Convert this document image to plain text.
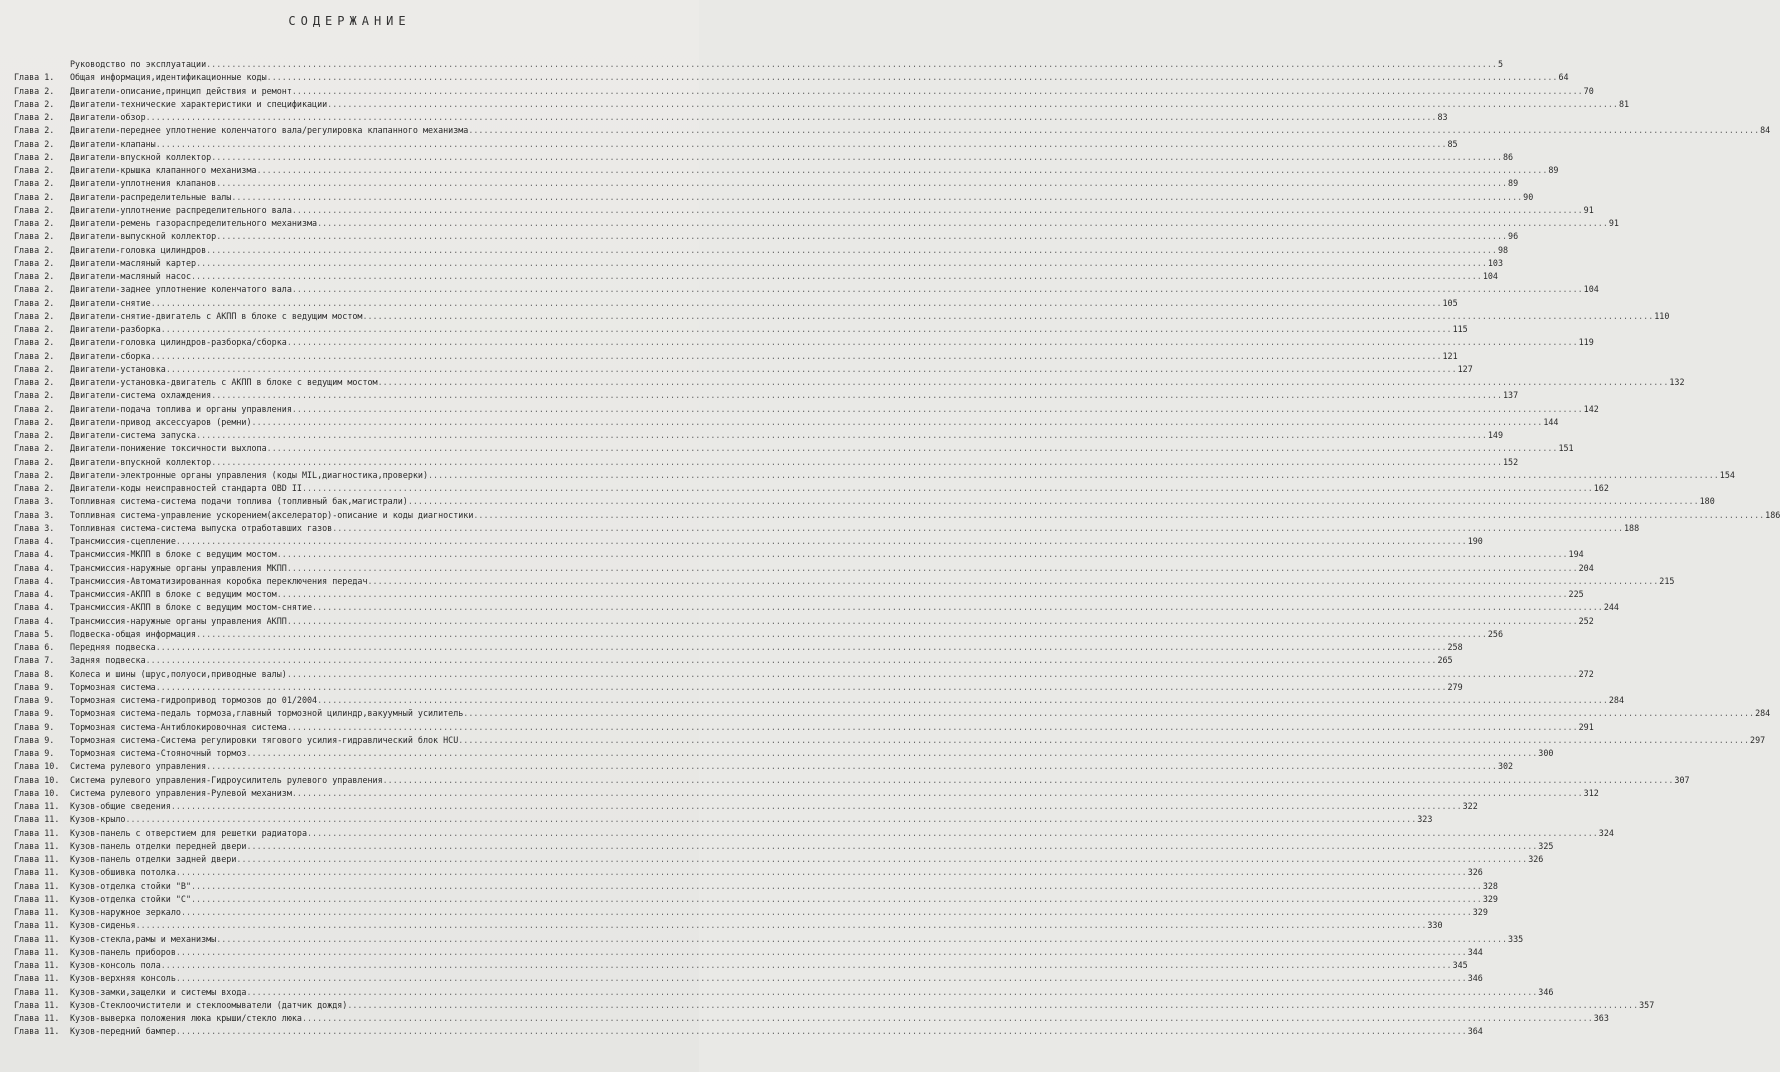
СОДЕРЖАНИЕ
Руководство по эксплуатации .....	5
Глава 1.	Общая информация,идентификационные коды .....	64
Глава 2.	Двигатели-описание,принцип действия и ремонт .....	70
Глава 2.	Двигатели-технические характеристики и спецификации .....	81
Глава 2.	Двигатели-обзор .....	83
Глава 2.	Двигатели-переднее уплотнение коленчатого вала/регулировка клапанного механизма .....	84
Глава 2.	Двигатели-клапаны .....	85
Глава 2.	Двигатели-впускной коллектор .....	86
Глава 2.	Двигатели-крышка клапанного механизма .....	89
Глава 2.	Двигатели-уплотнения клапанов .....	89
Глава 2.	Двигатели-распределительные валы .....	90
Глава 2.	Двигатели-уплотнение распределительного вала .....	91
Глава 2.	Двигатели-ремень газораспределительного механизма .....	91
Глава 2.	Двигатели-выпускной коллектор .....	96
Глава 2.	Двигатели-головка цилиндров .....	98
Глава 2.	Двигатели-масляный картер .....	103
Глава 2.	Двигатели-масляный насос .....	104
Глава 2.	Двигатели-заднее уплотнение коленчатого вала .....	104
Глава 2.	Двигатели-снятие .....	105
Глава 2.	Двигатели-снятие-двигатель с АКПП в блоке с ведущим мостом .....	110
Глава 2.	Двигатели-разборка .....	115
Глава 2.	Двигатели-головка цилиндров-разборка/сборка .....	119
Глава 2.	Двигатели-сборка .....	121
Глава 2.	Двигатели-установка .....	127
Глава 2.	Двигатели-установка-двигатель с АКПП в блоке с ведущим мостом .....	132
Глава 2.	Двигатели-система охлаждения .....	137
Глава 2.	Двигатели-подача топлива и органы управления .....	142
Глава 2.	Двигатели-привод аксессуаров (ремни) .....	144
Глава 2.	Двигатели-система запуска .....	149
Глава 2.	Двигатели-понижение токсичности выхлопа .....	151
Глава 2.	Двигатели-впускной коллектор .....	152
Глава 2.	Двигатели-электронные органы управления (коды MIL,диагностика,проверки) .....	154
Глава 2.	Двигатели-коды неисправностей стандарта OBD II .....	162
Глава 3.	Топливная система-система подачи топлива (топливный бак,магистрали) .....	180
Глава 3.	Топливная система-управление ускорением(акселератор)-описание и коды диагностики .....	186
Глава 3.	Топливная система-система выпуска отработавших газов .....	188
Глава 4.	Трансмиссия-сцепление .....	190
Глава 4.	Трансмиссия-МКПП в блоке с ведущим мостом .....	194
Глава 4.	Трансмиссия-наружные органы управления МКПП .....	204
Глава 4.	Трансмиссия-Автоматизированная коробка переключения передач .....	215
Глава 4.	Трансмиссия-АКПП в блоке с ведущим мостом .....	225
Глава 4.	Трансмиссия-АКПП в блоке с ведущим мостом-снятие .....	244
Глава 4.	Трансмиссия-наружные органы управления АКПП .....	252
Глава 5.	Подвеска-общая информация .....	256
Глава 6.	Передняя подвеска .....	258
Глава 7.	Задняя подвеска .....	265
Глава 8.	Колеса и шины (шрус,полуоси,приводные валы) .....	272
Глава 9.	Тормозная система .....	279
Глава 9.	Тормозная система-гидропривод тормозов до 01/2004 .....	284
Глава 9.	Тормозная система-педаль тормоза,главный тормозной цилиндр,вакуумный усилитель .....	284
Глава 9.	Тормозная система-Антиблокировочная система .....	291
Глава 9.	Тормозная система-Система регулировки тягового усилия-гидравлический блок HCU .....	297
Глава 9.	Тормозная система-Стояночный тормоз .....	300
Глава 10.	Система рулевого управления .....	302
Глава 10.	Система рулевого управления-Гидроусилитель рулевого управления .....	307
Глава 10.	Система рулевого управления-Рулевой механизм .....	312
Глава 11.	Кузов-общие сведения .....	322
Глава 11.	Кузов-крыло .....	323
Глава 11.	Кузов-панель с отверстием для решетки радиатора .....	324
Глава 11.	Кузов-панель отделки передней двери .....	325
Глава 11.	Кузов-панель отделки задней двери .....	326
Глава 11.	Кузов-обшивка потолка .....	326
Глава 11.	Кузов-отделка стойки "B" .....	328
Глава 11.	Кузов-отделка стойки "C" .....	329
Глава 11.	Кузов-наружное зеркало .....	329
Глава 11.	Кузов-сиденья .....	330
Глава 11.	Кузов-стекла,рамы и механизмы .....	335
Глава 11.	Кузов-панель приборов .....	344
Глава 11.	Кузов-консоль пола .....	345
Глава 11.	Кузов-верхняя консоль .....	346
Глава 11.	Кузов-замки,защелки и системы входа .....	346
Глава 11.	Кузов-Стеклоочистители и стеклоомыватели (датчик дождя) .....	357
Глава 11.	Кузов-выверка положения люка крыши/стекло люка .....	363
Глава 11.	Кузов-передний бампер .....	364
